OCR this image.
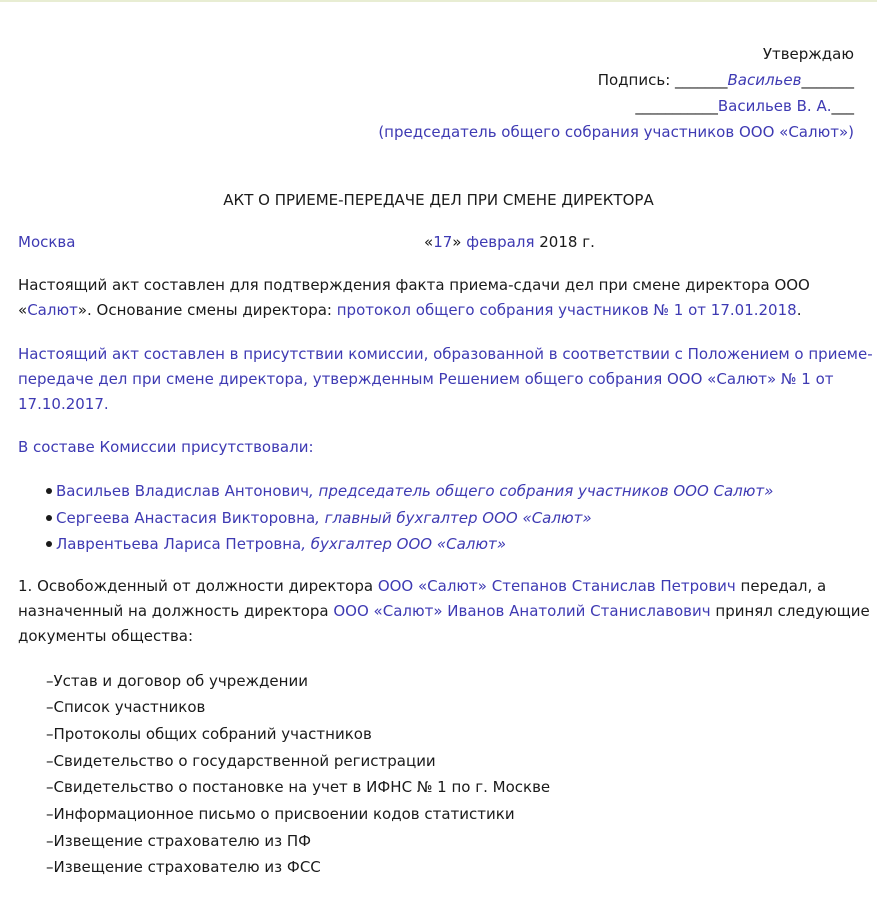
Утверждаю
Подпись: _______Васильев_______
___________Васильев В. А.___
(председатель общего собрания участников ООО «Салют»)
АКТ О ПРИЕМЕ-ПЕРЕДАЧЕ ДЕЛ ПРИ СМЕНЕ ДИРЕКТОРА
Москва	«17» февраля 2018 г.
Настоящий акт составлен для подтверждения факта приема-сдачи дел при смене директора ООО
«Салют». Основание смены директора: протокол общего собрания участников № 1 от 17.01.2018.
Настоящий акт составлен в присутствии комиссии, образованной в соответствии с Положением о приеме-
передаче дел при смене директора, утвержденным Решением общего собрания ООО «Салют» № 1 от
17.10.2017.
В составе Комиссии присутствовали:
Васильев Владислав Антонович, председатель общего собрания участников ООО Салют»
Сергеева Анастасия Викторовна, главный бухгалтер ООО «Салют»
Лаврентьева Лариса Петровна, бухгалтер ООО «Салют»
1. Освобожденный от должности директора ООО «Салют» Степанов Станислав Петрович передал, а
назначенный на должность директора ООО «Салют» Иванов Анатолий Станиславович принял следующие
документы общества:
–Устав и договор об учреждении
–Список участников
–Протоколы общих собраний участников
–Свидетельство о государственной регистрации
–Свидетельство о постановке на учет в ИФНС № 1 по г. Москве
–Информационное письмо о присвоении кодов статистики
–Извещение страхователю из ПФ
–Извещение страхователю из ФСС
